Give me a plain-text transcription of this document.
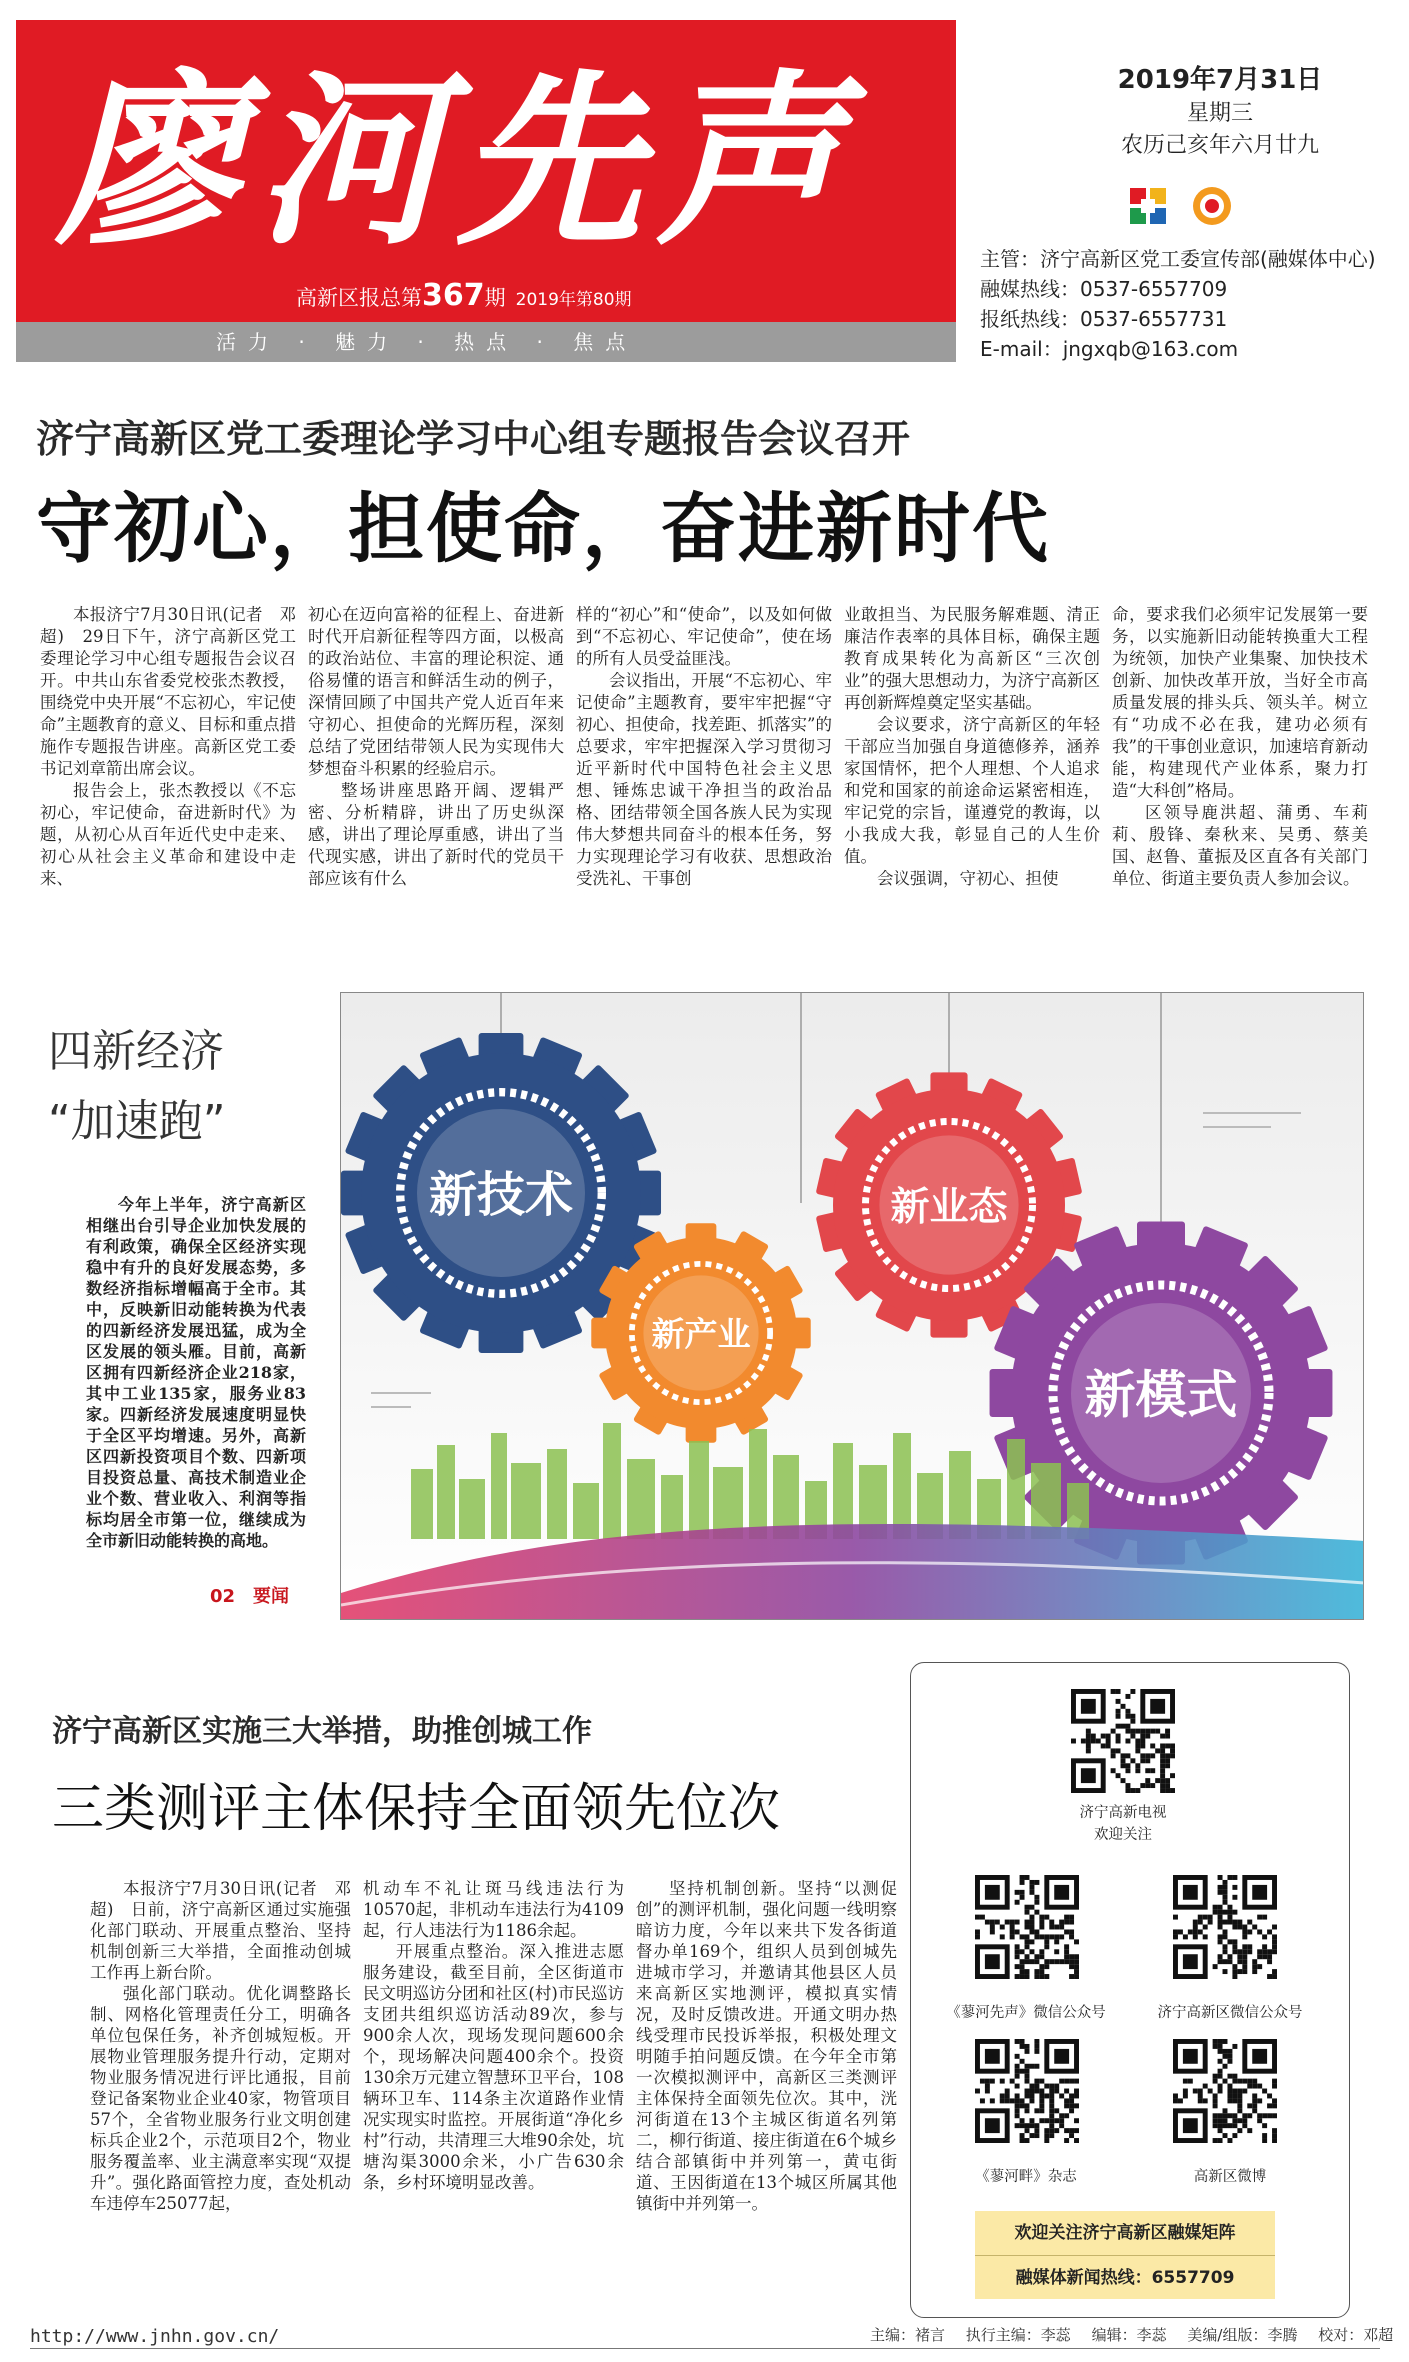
廖河先声
高新区报总第367期 2019年第80期
活力 · 魅力 · 热点 · 焦点
2019年7月31日
星期三
农历己亥年六月廿九
主管：济宁高新区党工委宣传部(融媒体中心)
融媒热线：0537-6557709
报纸热线：0537-6557731
E-mail：jngxqb@163.com
济宁高新区党工委理论学习中心组专题报告会议召开
守初心，担使命，奋进新时代

本报济宁7月30日讯(记者　邓超)　29日下午，济宁高新区党工委理论学习中心组专题报告会议召开。中共山东省委党校张杰教授，围绕党中央开展“不忘初心，牢记使命”主题教育的意义、目标和重点措施作专题报告讲座。高新区党工委书记刘章箭出席会议。

报告会上，张杰教授以《不忘初心，牢记使命，奋进新时代》为题，从初心从百年近代史中走来、初心从社会主义革命和建设中走来、

初心在迈向富裕的征程上、奋进新时代开启新征程等四方面，以极高的政治站位、丰富的理论积淀、通俗易懂的语言和鲜活生动的例子，深情回顾了中国共产党人近百年来守初心、担使命的光辉历程，深刻总结了党团结带领人民为实现伟大梦想奋斗积累的经验启示。

整场讲座思路开阔、逻辑严密、分析精辟，讲出了历史纵深感，讲出了理论厚重感，讲出了当代现实感，讲出了新时代的党员干部应该有什么

样的“初心”和“使命”，以及如何做到“不忘初心、牢记使命”，使在场的所有人员受益匪浅。

会议指出，开展“不忘初心、牢记使命”主题教育，要牢牢把握“守初心、担使命，找差距、抓落实”的总要求，牢牢把握深入学习贯彻习近平新时代中国特色社会主义思想、锤炼忠诚干净担当的政治品格、团结带领全国各族人民为实现伟大梦想共同奋斗的根本任务，努力实现理论学习有收获、思想政治受洗礼、干事创

业敢担当、为民服务解难题、清正廉洁作表率的具体目标，确保主题教育成果转化为高新区“三次创业”的强大思想动力，为济宁高新区再创新辉煌奠定坚实基础。

会议要求，济宁高新区的年轻干部应当加强自身道德修养，涵养家国情怀，把个人理想、个人追求和党和国家的前途命运紧密相连，牢记党的宗旨，谨遵党的教诲，以小我成大我，彰显自己的人生价值。

会议强调，守初心、担使

命，要求我们必须牢记发展第一要务，以实施新旧动能转换重大工程为统领，加快产业集聚、加快技术创新、加快改革开放，当好全市高质量发展的排头兵、领头羊。树立有“功成不必在我，建功必须有我”的干事创业意识，加速培育新动能，构建现代产业体系，聚力打造“大科创”格局。

区领导鹿洪超、蒲勇、车莉莉、殷锋、秦秋来、吴勇、蔡美国、赵鲁、董振及区直各有关部门单位、街道主要负责人参加会议。

四新经济
“加速跑”

今年上半年，济宁高新区相继出台引导企业加快发展的有利政策，确保全区经济实现稳中有升的良好发展态势，多数经济指标增幅高于全市。其中，反映新旧动能转换为代表的四新经济发展迅猛，成为全区发展的领头雁。目前，高新区拥有四新经济企业218家，其中工业135家，服务业83家。四新经济发展速度明显快于全区平均增速。另外，高新区四新投资项目个数、四新项目投资总量、高技术制造业企业个数、营业收入、利润等指标均居全市第一位，继续成为全市新旧动能转换的高地。

02　要闻
新技术
新产业
新业态
新模式
济宁高新区实施三大举措，助推创城工作
三类测评主体保持全面领先位次

本报济宁7月30日讯(记者　邓超)　日前，济宁高新区通过实施强化部门联动、开展重点整治、坚持机制创新三大举措，全面推动创城工作再上新台阶。

强化部门联动。优化调整路长制、网格化管理责任分工，明确各单位包保任务，补齐创城短板。开展物业管理服务提升行动，定期对物业服务情况进行评比通报，目前登记备案物业企业40家，物管项目57个，全省物业服务行业文明创建标兵企业2个，示范项目2个，物业服务覆盖率、业主满意率实现“双提升”。强化路面管控力度，查处机动车违停车25077起，

机动车不礼让斑马线违法行为10570起，非机动车违法行为4109起，行人违法行为1186余起。

开展重点整治。深入推进志愿服务建设，截至目前，全区街道市民文明巡访分团和社区(村)市民巡访支团共组织巡访活动89次，参与900余人次，现场发现问题600余个，现场解决问题400余个。投资130余万元建立智慧环卫平台，108辆环卫车、114条主次道路作业情况实现实时监控。开展街道“净化乡村”行动，共清理三大堆90余处，坑塘沟渠3000余米，小广告630余条，乡村环境明显改善。

坚持机制创新。坚持“以测促创”的测评机制，强化问题一线明察暗访力度，今年以来共下发各街道督办单169个，组织人员到创城先进城市学习，并邀请其他县区人员来高新区实地测评，模拟真实情况，及时反馈改进。开通文明办热线受理市民投诉举报，积极处理文明随手拍问题反馈。在今年全市第一次模拟测评中，高新区三类测评主体保持全面领先位次。其中，洸河街道在13个主城区街道名列第二，柳行街道、接庄街道在6个城乡结合部镇街中并列第一，黄屯街道、王因街道在13个城区所属其他镇街中并列第一。

济宁高新电视
欢迎关注
《蓼河先声》微信公众号	济宁高新区微信公众号
《蓼河畔》杂志	高新区微博
欢迎关注济宁高新区融媒矩阵
融媒体新闻热线：6557709
http://www.jnhn.gov.cn/	主编：褚言 执行主编：李蕊 编辑：李蕊 美编/组版：李腾 校对：邓超
